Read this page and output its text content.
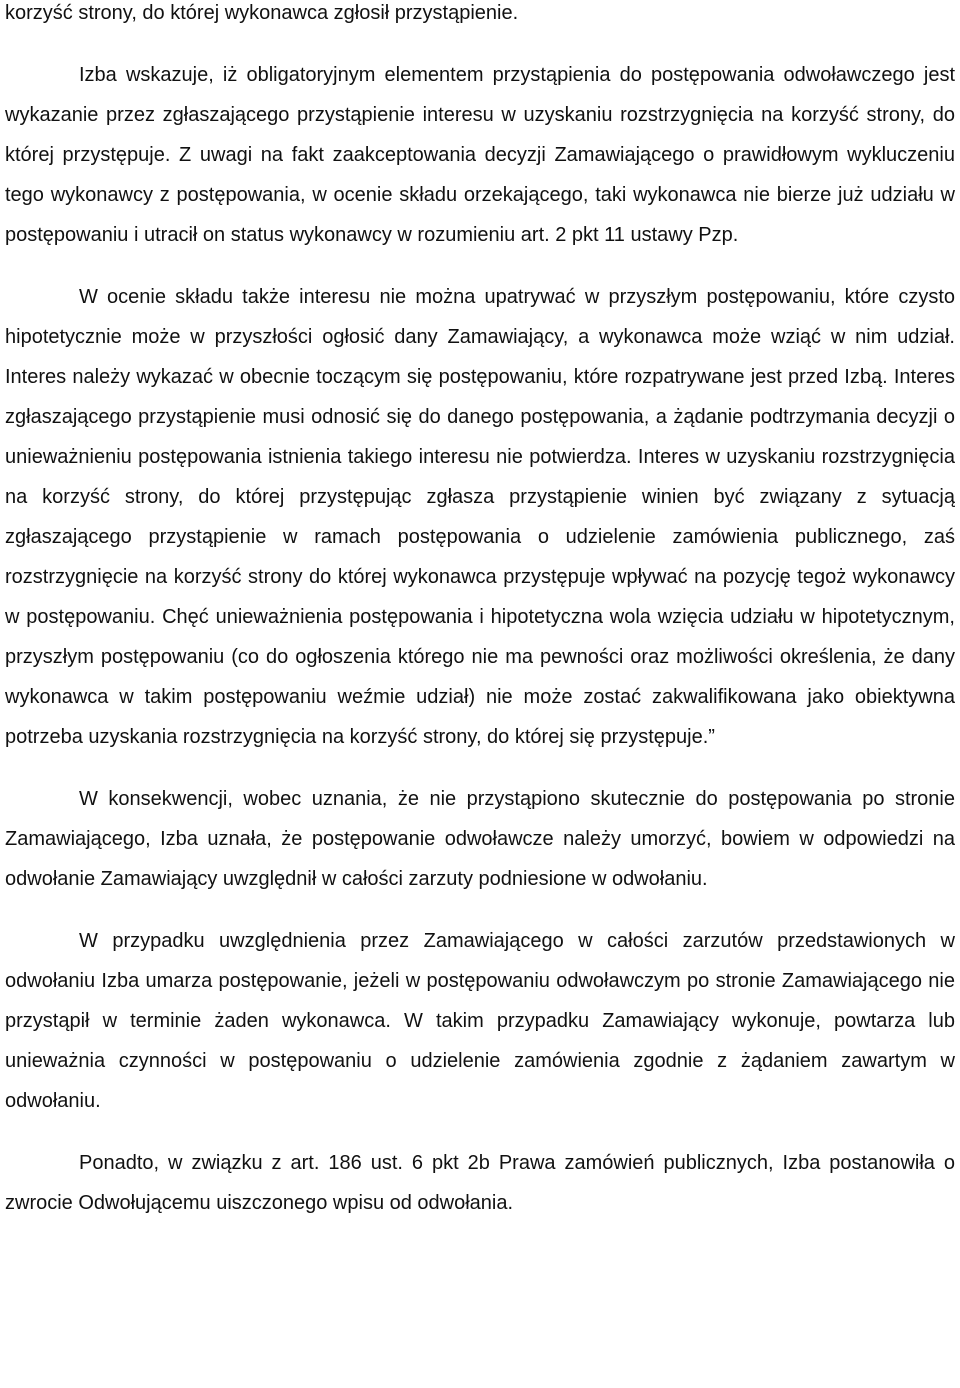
korzyść strony, do której wykonawca zgłosił przystąpienie.

Izba wskazuje, iż obligatoryjnym elementem przystąpienia do postępowania odwoławczego jest wykazanie przez zgłaszającego przystąpienie interesu w uzyskaniu rozstrzygnięcia na korzyść strony, do której przystępuje. Z uwagi na fakt zaakceptowania decyzji Zamawiającego o prawidłowym wykluczeniu tego wykonawcy z postępowania, w ocenie składu orzekającego, taki wykonawca nie bierze już udziału w postępowaniu i utracił on status wykonawcy w rozumieniu art. 2 pkt 11 ustawy Pzp.

W ocenie składu także interesu nie można upatrywać w przyszłym postępowaniu, które czysto hipotetycznie może w przyszłości ogłosić dany Zamawiający, a wykonawca może wziąć w nim udział. Interes należy wykazać w obecnie toczącym się postępowaniu, które rozpatrywane jest przed Izbą. Interes zgłaszającego przystąpienie musi odnosić się do danego postępowania, a żądanie podtrzymania decyzji o unieważnieniu postępowania istnienia takiego interesu nie potwierdza. Interes w uzyskaniu rozstrzygnięcia na korzyść strony, do której przystępując zgłasza przystąpienie winien być związany z sytuacją zgłaszającego przystąpienie w ramach postępowania o udzielenie zamówienia publicznego, zaś rozstrzygnięcie na korzyść strony do której wykonawca przystępuje wpływać na pozycję tegoż wykonawcy w postępowaniu. Chęć unieważnienia postępowania i hipotetyczna wola wzięcia udziału w hipotetycznym, przyszłym postępowaniu (co do ogłoszenia którego nie ma pewności oraz możliwości określenia, że dany wykonawca w takim postępowaniu weźmie udział) nie może zostać zakwalifikowana jako obiektywna potrzeba uzyskania rozstrzygnięcia na korzyść strony, do której się przystępuje.”

W konsekwencji, wobec uznania, że nie przystąpiono skutecznie do postępowania po stronie Zamawiającego, Izba uznała, że postępowanie odwoławcze należy umorzyć, bowiem w odpowiedzi na odwołanie Zamawiający uwzględnił w całości zarzuty podniesione w odwołaniu.

W przypadku uwzględnienia przez Zamawiającego w całości zarzutów przedstawionych w odwołaniu Izba umarza postępowanie, jeżeli w postępowaniu odwoławczym po stronie Zamawiającego nie przystąpił w terminie żaden wykonawca. W takim przypadku Zamawiający wykonuje, powtarza lub unieważnia czynności w postępowaniu o udzielenie zamówienia zgodnie z żądaniem zawartym w odwołaniu.

Ponadto, w związku z art. 186 ust. 6 pkt 2b Prawa zamówień publicznych, Izba postanowiła o zwrocie Odwołującemu uiszczonego wpisu od odwołania.
